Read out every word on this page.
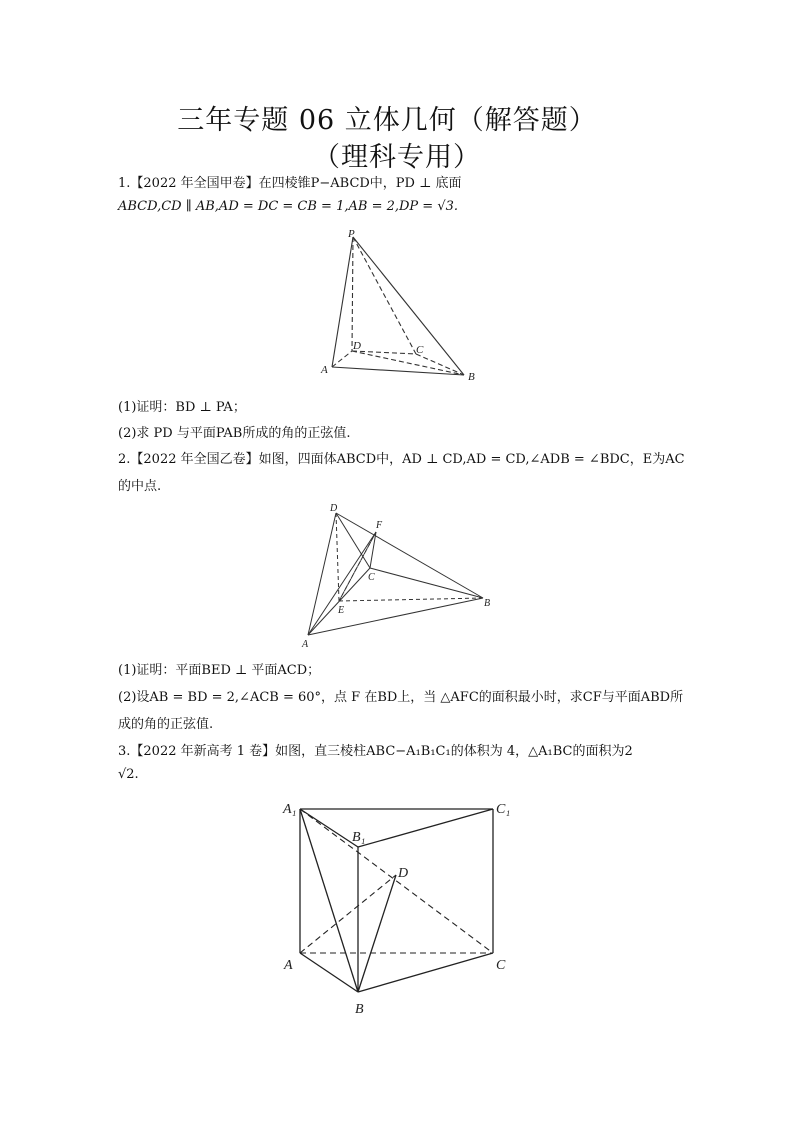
三年专题 06 立体几何（解答题）
（理科专用）
1.【2022 年全国甲卷】在四棱锥P−ABCD中，PD ⊥ 底面
ABCD,CD ∥ AB,AD = DC = CB = 1,AB = 2,DP = √3.
P
A
B
C
D
(1)证明：BD ⊥ PA；
(2)求 PD 与平面PAB所成的角的正弦值.
2.【2022 年全国乙卷】如图，四面体ABCD中，AD ⊥ CD,AD = CD,∠ADB = ∠BDC，E为AC
的中点.
D
F
C
E
A
B
(1)证明：平面BED ⊥ 平面ACD；
(2)设AB = BD = 2,∠ACB = 60°，点 F 在BD上，当 △AFC的面积最小时，求CF与平面ABD所
成的角的正弦值.
3.【2022 年新高考 1 卷】如图，直三棱柱ABC−A₁B₁C₁的体积为 4，△A₁BC的面积为2
√2.
A₁
B₁
C₁
D
A
B
C
